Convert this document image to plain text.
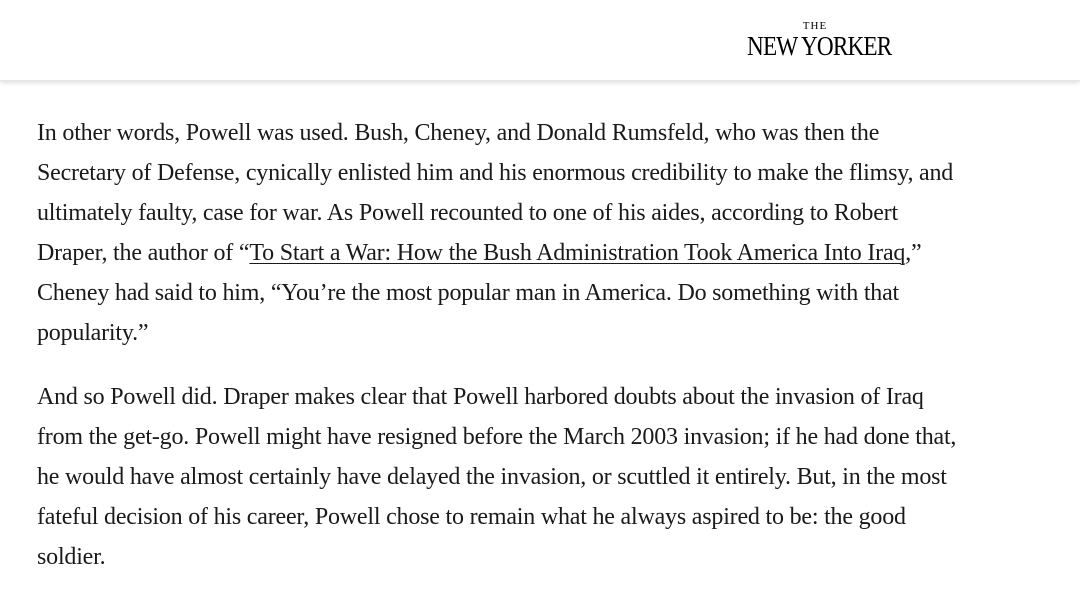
THE
NEW YORKER

In other words, Powell was used. Bush, Cheney, and Donald Rumsfeld, who was then the Secretary of Defense, cynically enlisted him and his enormous credibility to make the flimsy, and ultimately faulty, case for war. As Powell recounted to one of his aides, according to Robert Draper, the author of “To Start a War: How the Bush Administration Took America Into Iraq,” Cheney had said to him, “You’re the most popular man in America. Do something with that popularity.”

And so Powell did. Draper makes clear that Powell harbored doubts about the invasion of Iraq from the get-go. Powell might have resigned before the March 2003 invasion; if he had done that, he would have almost certainly have delayed the invasion, or scuttled it entirely. But, in the most fateful decision of his career, Powell chose to remain what he always aspired to be: the good soldier.
